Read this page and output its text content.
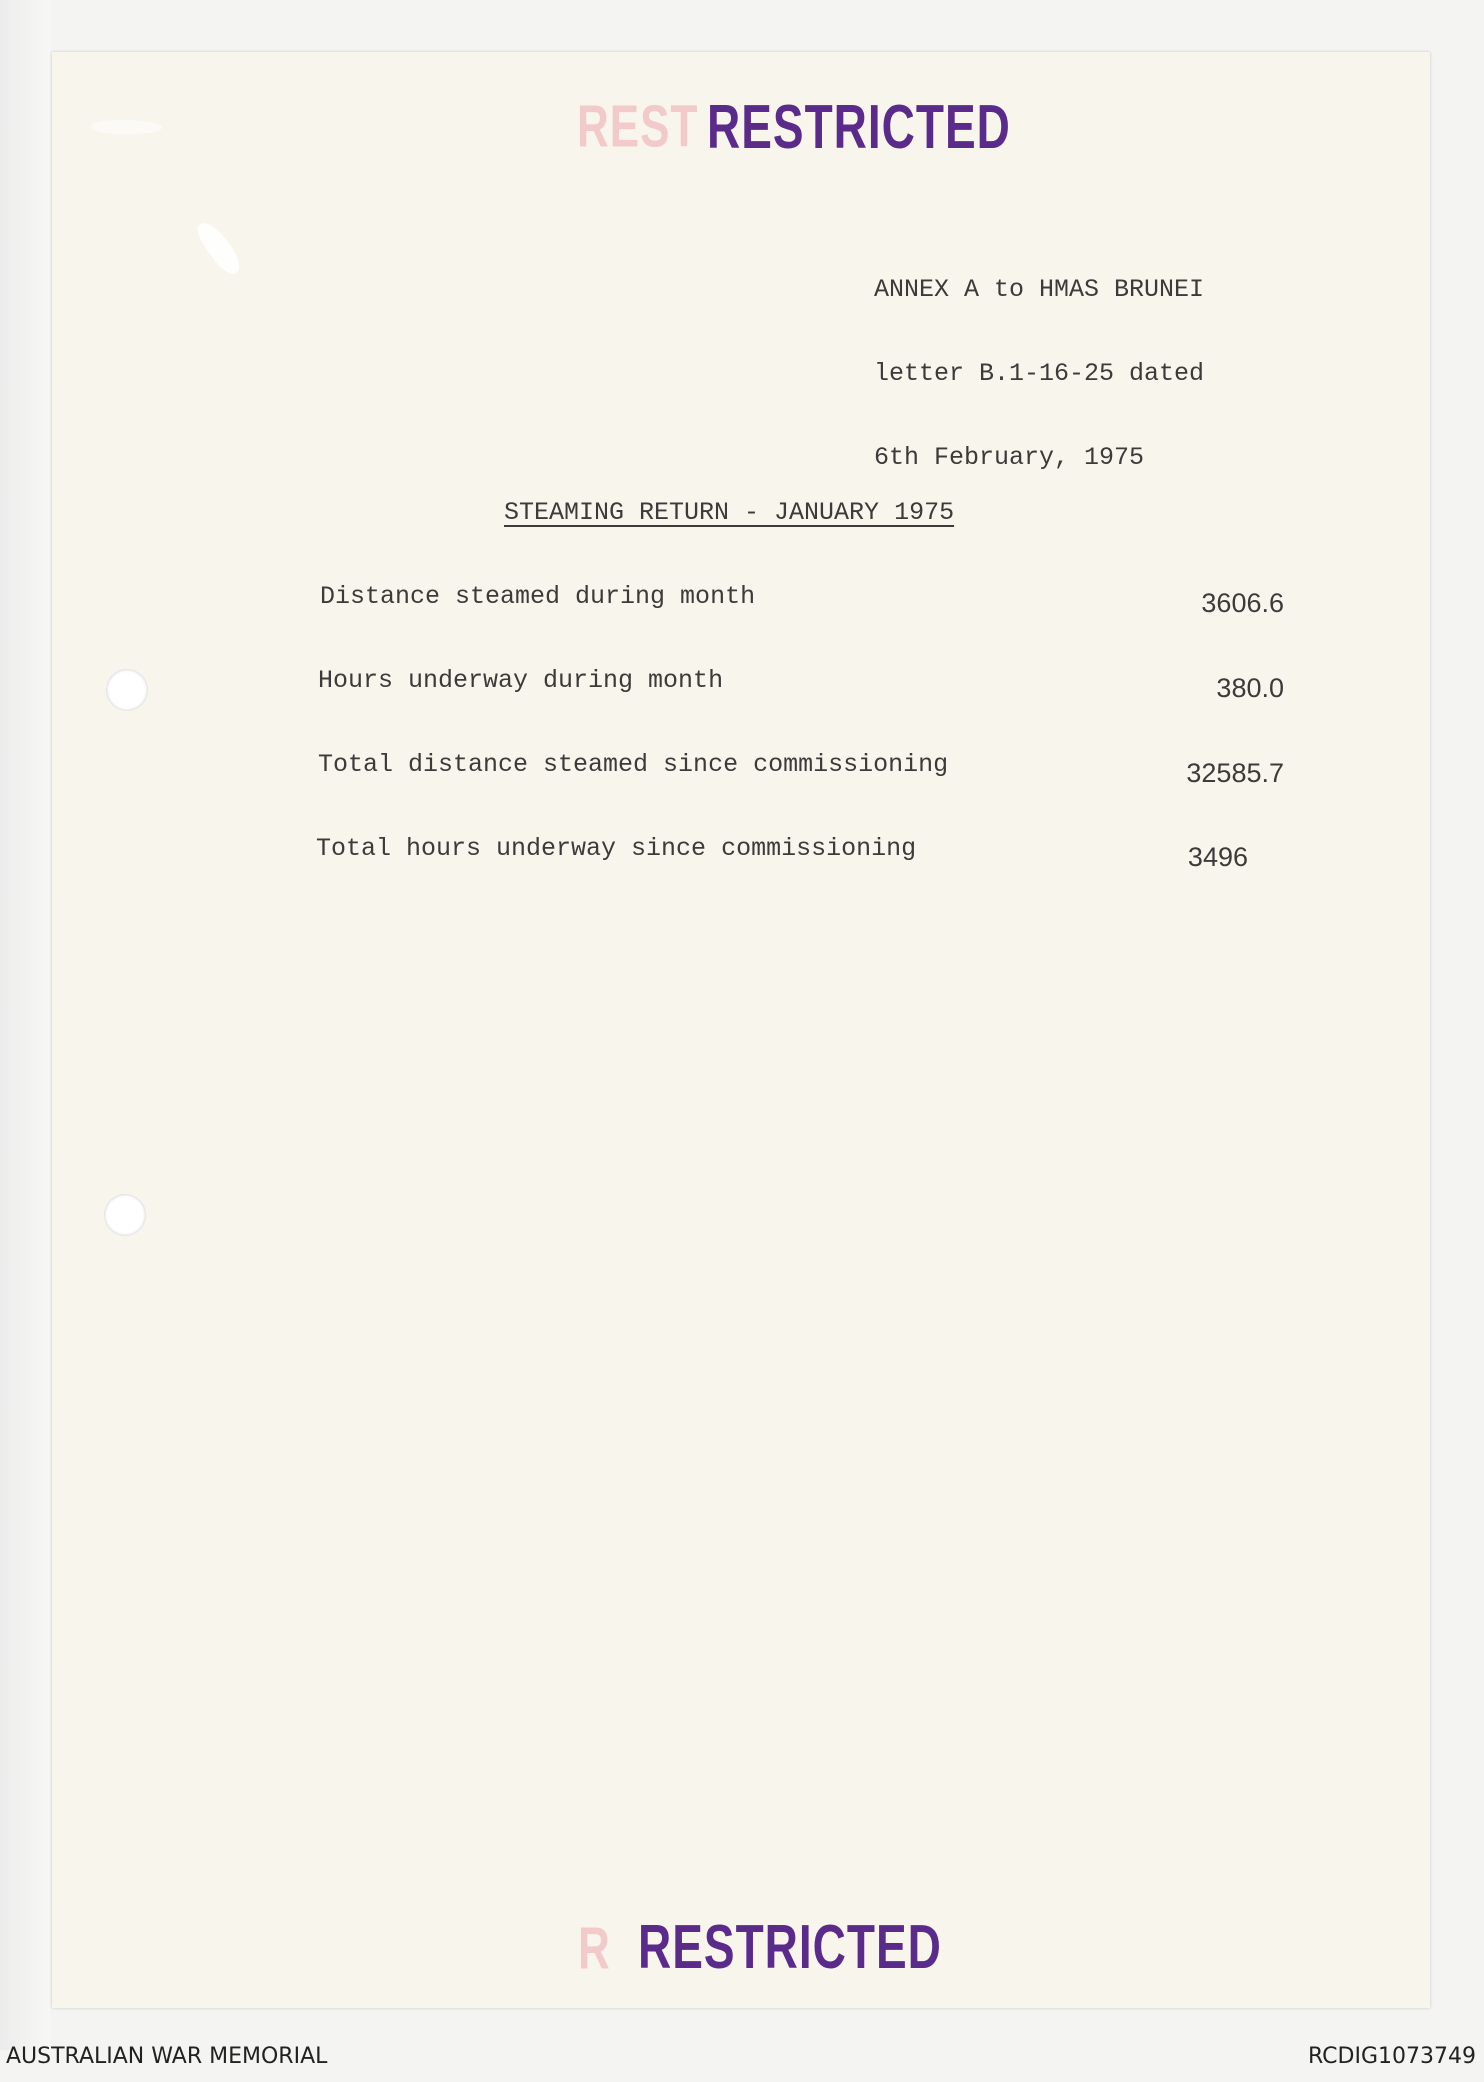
REST RESTRICTED

ANNEX A to HMAS BRUNEI

letter B.1-16-25 dated

6th February, 1975

STEAMING RETURN - JANUARY 1975
Distance steamed during month	3606.6
Hours underway during month	380.0
Total distance steamed since commissioning	32585.7
Total hours underway since commissioning	3496
R RESTRICTED
AUSTRALIAN WAR MEMORIAL	RCDIG1073749
